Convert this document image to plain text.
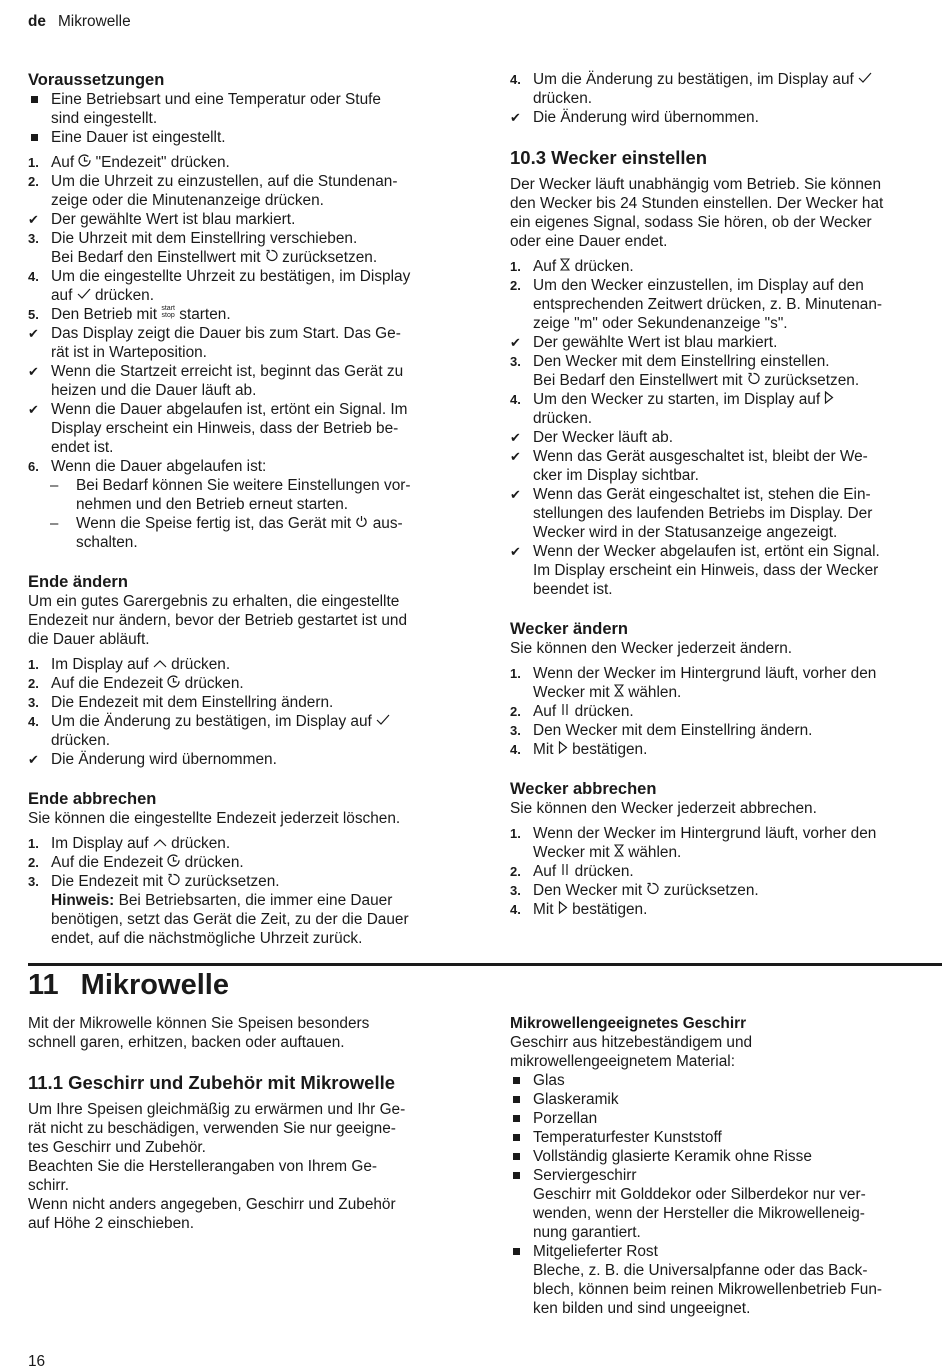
de Mikrowelle
Voraussetzungen
Eine Betriebsart und eine Temperatur oder Stufe
sind eingestellt.
Eine Dauer ist eingestellt.
1. Auf "Endezeit" drücken.
2. Um die Uhrzeit zu einzustellen, auf die Stundenan-
zeige oder die Minutenanzeige drücken.
✔ Der gewählte Wert ist blau markiert.
3. Die Uhrzeit mit dem Einstellring verschieben.
Bei Bedarf den Einstellwert mit zurücksetzen.
4. Um die eingestellte Uhrzeit zu bestätigen, im Display
auf drücken.
5. Den Betrieb mit start
stop starten.
✔ Das Display zeigt die Dauer bis zum Start. Das Ge-
rät ist in Warteposition.
✔ Wenn die Startzeit erreicht ist, beginnt das Gerät zu
heizen und die Dauer läuft ab.
✔ Wenn die Dauer abgelaufen ist, ertönt ein Signal. Im
Display erscheint ein Hinweis, dass der Betrieb be-
endet ist.
6. Wenn die Dauer abgelaufen ist:
–	Bei Bedarf können Sie weitere Einstellungen vor-
nehmen und den Betrieb erneut starten.
–	Wenn die Speise fertig ist, das Gerät mit aus-
schalten.
Ende ändern
Um ein gutes Garergebnis zu erhalten, die eingestellte
Endezeit nur ändern, bevor der Betrieb gestartet ist und
die Dauer abläuft.
1. Im Display auf drücken.
2. Auf die Endezeit drücken.
3. Die Endezeit mit dem Einstellring ändern.
4. Um die Änderung zu bestätigen, im Display auf
drücken.
✔ Die Änderung wird übernommen.
Ende abbrechen
Sie können die eingestellte Endezeit jederzeit löschen.
1. Im Display auf drücken.
2. Auf die Endezeit drücken.
3. Die Endezeit mit zurücksetzen.
Hinweis: Bei Betriebsarten, die immer eine Dauer
benötigen, setzt das Gerät die Zeit, zu der die Dauer
endet, auf die nächstmögliche Uhrzeit zurück.
4. Um die Änderung zu bestätigen, im Display auf
drücken.
✔ Die Änderung wird übernommen.
10.3 Wecker einstellen
Der Wecker läuft unabhängig vom Betrieb. Sie können
den Wecker bis 24 Stunden einstellen. Der Wecker hat
ein eigenes Signal, sodass Sie hören, ob der Wecker
oder eine Dauer endet.
1. Auf drücken.
2. Um den Wecker einzustellen, im Display auf den
entsprechenden Zeitwert drücken, z. B. Minutenan-
zeige "m" oder Sekundenanzeige "s".
✔ Der gewählte Wert ist blau markiert.
3. Den Wecker mit dem Einstellring einstellen.
Bei Bedarf den Einstellwert mit zurücksetzen.
4. Um den Wecker zu starten, im Display auf
drücken.
✔ Der Wecker läuft ab.
✔ Wenn das Gerät ausgeschaltet ist, bleibt der We-
cker im Display sichtbar.
✔ Wenn das Gerät eingeschaltet ist, stehen die Ein-
stellungen des laufenden Betriebs im Display. Der
Wecker wird in der Statusanzeige angezeigt.
✔ Wenn der Wecker abgelaufen ist, ertönt ein Signal.
Im Display erscheint ein Hinweis, dass der Wecker
beendet ist.
Wecker ändern
Sie können den Wecker jederzeit ändern.
1. Wenn der Wecker im Hintergrund läuft, vorher den
Wecker mit wählen.
2. Auf drücken.
3. Den Wecker mit dem Einstellring ändern.
4. Mit bestätigen.
Wecker abbrechen
Sie können den Wecker jederzeit abbrechen.
1. Wenn der Wecker im Hintergrund läuft, vorher den
Wecker mit wählen.
2. Auf drücken.
3. Den Wecker mit zurücksetzen.
4. Mit bestätigen.
11 Mikrowelle
Mit der Mikrowelle können Sie Speisen besonders
schnell garen, erhitzen, backen oder auftauen.
11.1 Geschirr und Zubehör mit Mikrowelle
Um Ihre Speisen gleichmäßig zu erwärmen und Ihr Ge-
rät nicht zu beschädigen, verwenden Sie nur geeigne-
tes Geschirr und Zubehör.
Beachten Sie die Herstellerangaben von Ihrem Ge-
schirr.
Wenn nicht anders angegeben, Geschirr und Zubehör
auf Höhe 2 einschieben.
Mikrowellengeeignetes Geschirr
Geschirr aus hitzebeständigem und
mikrowellengeeignetem Material:
Glas
Glaskeramik
Porzellan
Temperaturfester Kunststoff
Vollständig glasierte Keramik ohne Risse
Serviergeschirr
Geschirr mit Golddekor oder Silberdekor nur ver-
wenden, wenn der Hersteller die Mikrowelleneig-
nung garantiert.
Mitgelieferter Rost
Bleche, z. B. die Universalpfanne oder das Back-
blech, können beim reinen Mikrowellenbetrieb Fun-
ken bilden und sind ungeeignet.
16
